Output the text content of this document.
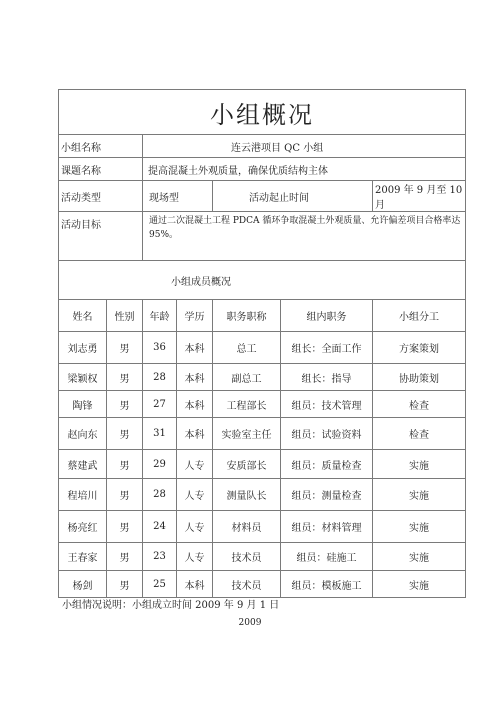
小组概况						
小组名称		连云港项目 QC 小组				
课题名称		提高混凝土外观质量，确保优质结构主体				
活动类型		现场型		活动起止时间		2009 年 9 月至 10 月
活动目标		通过二次混凝土工程 PDCA 循环争取混凝土外观质量、允许偏差项目合格率达 95%。				

小组成员概况						
姓名	性别	年龄	学历	职务职称	组内职务	小组分工
刘志勇	男	36	本科	总工	组长：全面工作	方案策划
梁颖权	男	28	本科	副总工	组长：指导	协助策划
陶锋	男	27	本科	工程部长	组员：技术管理	检查
赵向东	男	31	本科	实验室主任	组员：试验资料	检查
蔡建武	男	29	人专	安质部长	组员：质量检查	实施
程培川	男	28	人专	测量队长	组员：测量检查	实施
杨亮红	男	24	人专	材料员	组员：材料管理	实施
王春家	男	23	人专	技术员	组员：硅施工	实施
杨剑	男	25	本科	技术员	组员：模板施工	实施
小组情况说明：小组成立时间 2009 年 9 月 1 日
2009
